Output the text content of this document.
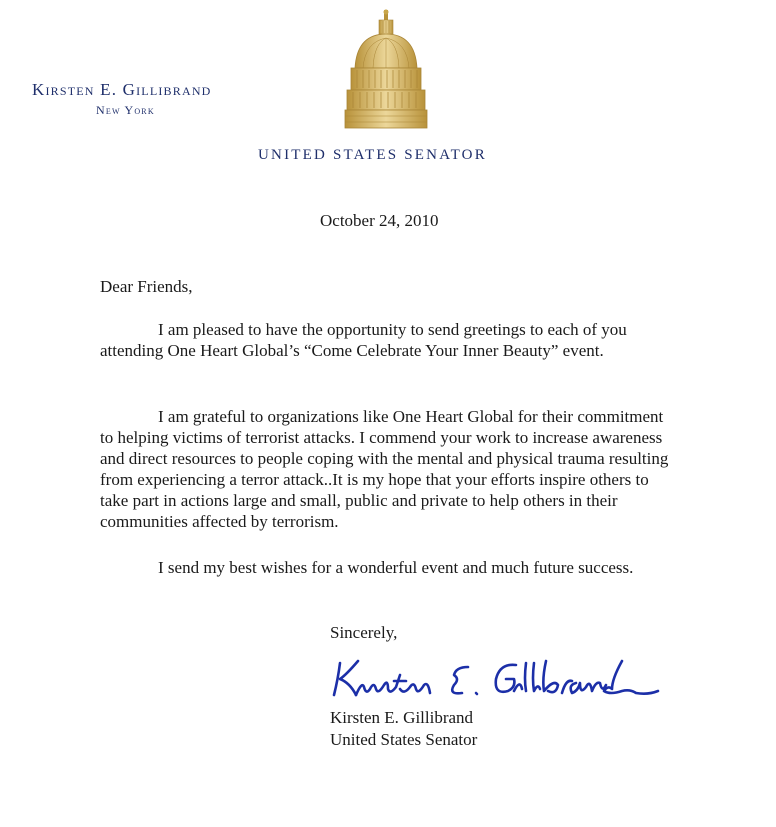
Kirsten E. Gillibrand
New York
UNITED STATES SENATOR
October 24, 2010
Dear Friends,
I am pleased to have the opportunity to send greetings to each of you attending One Heart Global’s “Come Celebrate Your Inner Beauty” event.
I am grateful to organizations like One Heart Global for their commitment to helping victims of terrorist attacks. I commend your work to increase awareness and direct resources to people coping with the mental and physical trauma resulting from experiencing a terror attack..It is my hope that your efforts inspire others to take part in actions large and small, public and private to help others in their communities affected by terrorism.
I send my best wishes for a wonderful event and much future success.
Sincerely,
Kirsten E. Gillibrand
United States Senator
